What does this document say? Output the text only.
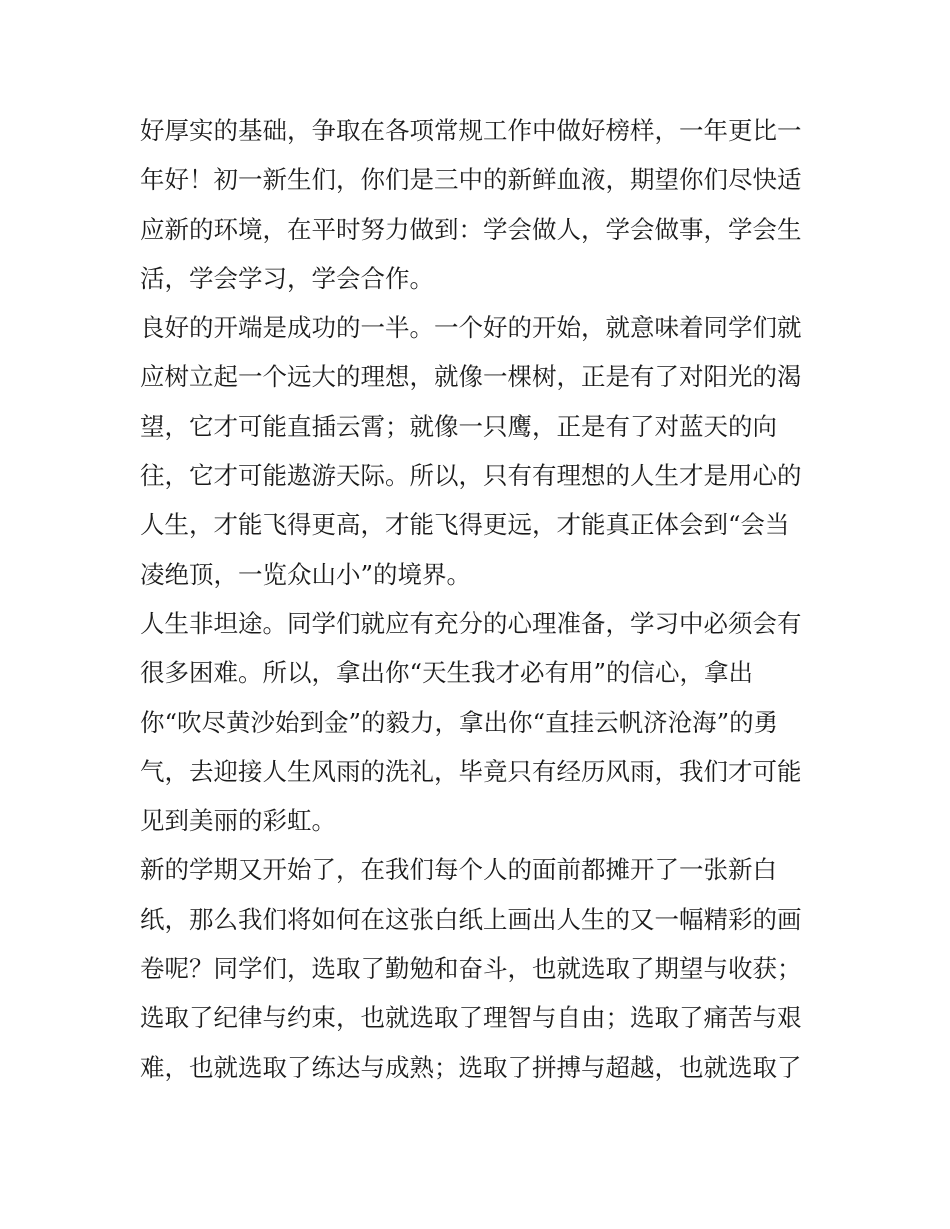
好厚实的基础，争取在各项常规工作中做好榜样，一年更比一
年好！初一新生们，你们是三中的新鲜血液，期望你们尽快适
应新的环境，在平时努力做到：学会做人，学会做事，学会生
活，学会学习，学会合作。
良好的开端是成功的一半。一个好的开始，就意味着同学们就
应树立起一个远大的理想，就像一棵树，正是有了对阳光的渴
望，它才可能直插云霄；就像一只鹰，正是有了对蓝天的向
往，它才可能遨游天际。所以，只有有理想的人生才是用心的
人生，才能飞得更高，才能飞得更远，才能真正体会到“会当
凌绝顶，一览众山小”的境界。
人生非坦途。同学们就应有充分的心理准备，学习中必须会有
很多困难。所以，拿出你“天生我才必有用”的信心，拿出
你“吹尽黄沙始到金”的毅力，拿出你“直挂云帆济沧海”的勇
气，去迎接人生风雨的洗礼，毕竟只有经历风雨，我们才可能
见到美丽的彩虹。
新的学期又开始了，在我们每个人的面前都摊开了一张新白
纸，那么我们将如何在这张白纸上画出人生的又一幅精彩的画
卷呢？同学们，选取了勤勉和奋斗，也就选取了期望与收获；
选取了纪律与约束，也就选取了理智与自由；选取了痛苦与艰
难，也就选取了练达与成熟；选取了拼搏与超越，也就选取了
